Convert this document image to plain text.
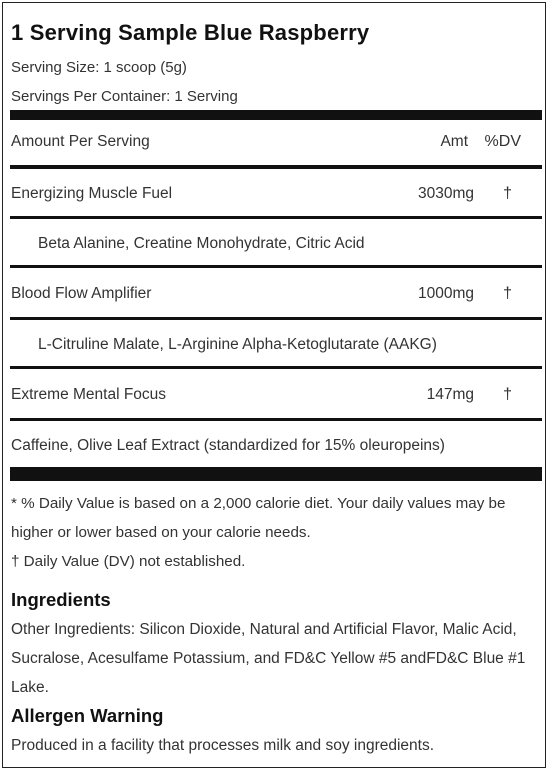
1 Serving Sample Blue Raspberry
Serving Size: 1 scoop (5g)
Servings Per Container: 1 Serving
Amount Per Serving	Amt %DV
Energizing Muscle Fuel	3030mg †
Beta Alanine, Creatine Monohydrate, Citric Acid
Blood Flow Amplifier	1000mg †
L-Citruline Malate, L-Arginine Alpha-Ketoglutarate (AAKG)
Extreme Mental Focus	147mg †
Caffeine, Olive Leaf Extract (standardized for 15% oleuropeins)
* % Daily Value is based on a 2,000 calorie diet. Your daily values may be higher or lower based on your calorie needs.
† Daily Value (DV) not established.
Ingredients
Other Ingredients: Silicon Dioxide, Natural and Artificial Flavor, Malic Acid, Sucralose, Acesulfame Potassium, and FD&C Yellow #5 andFD&C Blue #1 Lake.
Allergen Warning
Produced in a facility that processes milk and soy ingredients.
